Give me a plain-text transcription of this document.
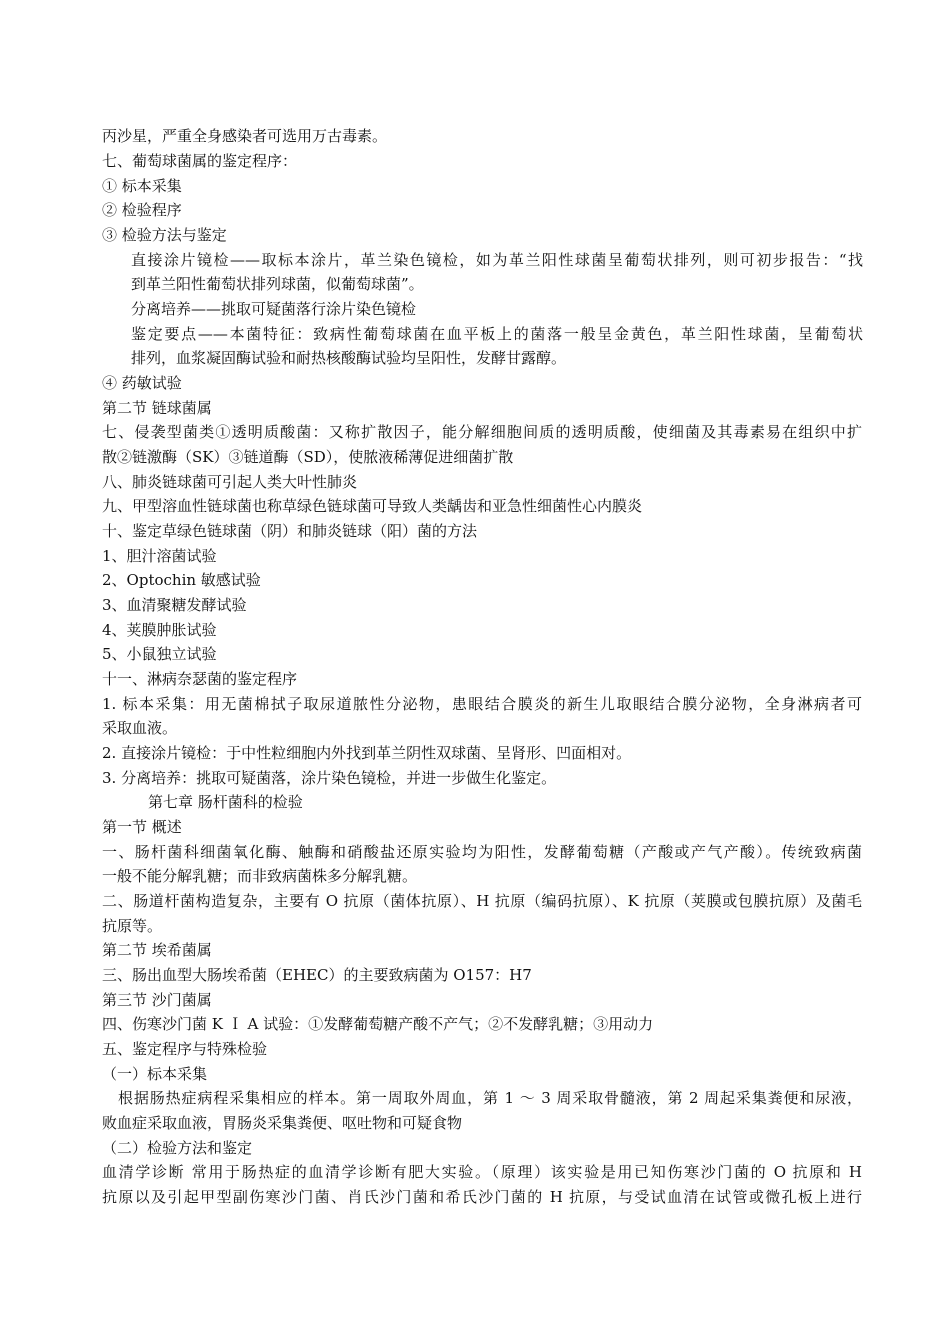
丙沙星，严重全身感染者可选用万古毒素。
七、葡萄球菌属的鉴定程序：
① 标本采集
② 检验程序
③ 检验方法与鉴定
直接涂片镜检——取标本涂片，革兰染色镜检，如为革兰阳性球菌呈葡萄状排列，则可初步报告：“找
到革兰阳性葡萄状排列球菌，似葡萄球菌”。
分离培养——挑取可疑菌落行涂片染色镜检
鉴定要点——本菌特征：致病性葡萄球菌在血平板上的菌落一般呈金黄色，革兰阳性球菌，呈葡萄状
排列，血浆凝固酶试验和耐热核酸酶试验均呈阳性，发酵甘露醇。
④ 药敏试验
第二节 链球菌属
七、侵袭型菌类①透明质酸菌：又称扩散因子，能分解细胞间质的透明质酸，使细菌及其毒素易在组织中扩
散②链激酶（SK）③链道酶（SD），使脓液稀薄促进细菌扩散
八、肺炎链球菌可引起人类大叶性肺炎
九、甲型溶血性链球菌也称草绿色链球菌可导致人类龋齿和亚急性细菌性心内膜炎
十、鉴定草绿色链球菌（阴）和肺炎链球（阳）菌的方法
1、胆汁溶菌试验
2、Optochin 敏感试验
3、血清聚糖发酵试验
4、荚膜肿胀试验
5、小鼠独立试验
十一、淋病奈瑟菌的鉴定程序
1. 标本采集：用无菌棉拭子取尿道脓性分泌物，患眼结合膜炎的新生儿取眼结合膜分泌物，全身淋病者可
采取血液。
2. 直接涂片镜检：于中性粒细胞内外找到革兰阴性双球菌、呈肾形、凹面相对。
3. 分离培养：挑取可疑菌落，涂片染色镜检，并进一步做生化鉴定。
第七章 肠杆菌科的检验
第一节 概述
一、肠杆菌科细菌氧化酶、触酶和硝酸盐还原实验均为阳性，发酵葡萄糖（产酸或产气产酸）。传统致病菌
一般不能分解乳糖；而非致病菌株多分解乳糖。
二、肠道杆菌构造复杂，主要有 O 抗原（菌体抗原）、H 抗原（编码抗原）、K 抗原（荚膜或包膜抗原）及菌毛
抗原等。
第二节 埃希菌属
三、肠出血型大肠埃希菌（EHEC）的主要致病菌为 O157：H7
第三节 沙门菌属
四、伤寒沙门菌 K Ｉ A 试验：①发酵葡萄糖产酸不产气；②不发酵乳糖；③用动力
五、鉴定程序与特殊检验
（一）标本采集
根据肠热症病程采集相应的样本。第一周取外周血，第 1 ～ 3 周采取骨髓液，第 2 周起采集粪便和尿液，
败血症采取血液，胃肠炎采集粪便、呕吐物和可疑食物
（二）检验方法和鉴定
血清学诊断 常用于肠热症的血清学诊断有肥大实验。（原理）该实验是用已知伤寒沙门菌的 O 抗原和 H
抗原以及引起甲型副伤寒沙门菌、肖氏沙门菌和希氏沙门菌的 H 抗原，与受试血清在试管或微孔板上进行
